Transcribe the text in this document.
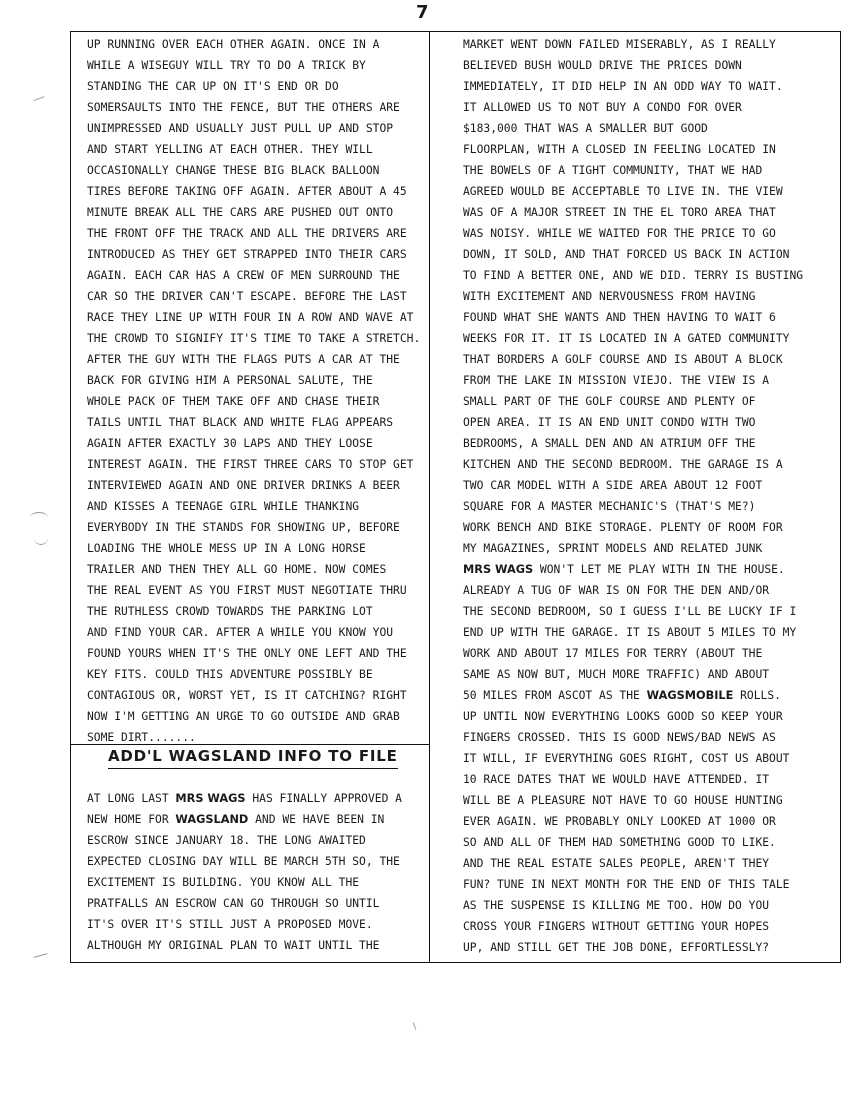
7
UP RUNNING OVER EACH OTHER AGAIN. ONCE IN A
WHILE A WISEGUY WILL TRY TO DO A TRICK BY
STANDING THE CAR UP ON IT'S END OR DO
SOMERSAULTS INTO THE FENCE, BUT THE OTHERS ARE
UNIMPRESSED AND USUALLY JUST PULL UP AND STOP
AND START YELLING AT EACH OTHER. THEY WILL
OCCASIONALLY CHANGE THESE BIG BLACK BALLOON
TIRES BEFORE TAKING OFF AGAIN. AFTER ABOUT A 45
MINUTE BREAK ALL THE CARS ARE PUSHED OUT ONTO
THE FRONT OFF THE TRACK AND ALL THE DRIVERS ARE
INTRODUCED AS THEY GET STRAPPED INTO THEIR CARS
AGAIN. EACH CAR HAS A CREW OF MEN SURROUND THE
CAR SO THE DRIVER CAN'T ESCAPE. BEFORE THE LAST
RACE THEY LINE UP WITH FOUR IN A ROW AND WAVE AT
THE CROWD TO SIGNIFY IT'S TIME TO TAKE A STRETCH.
AFTER THE GUY WITH THE FLAGS PUTS A CAR AT THE
BACK FOR GIVING HIM A PERSONAL SALUTE, THE
WHOLE PACK OF THEM TAKE OFF AND CHASE THEIR
TAILS UNTIL THAT BLACK AND WHITE FLAG APPEARS
AGAIN AFTER EXACTLY 30 LAPS AND THEY LOOSE
INTEREST AGAIN. THE FIRST THREE CARS TO STOP GET
INTERVIEWED AGAIN AND ONE DRIVER DRINKS A BEER
AND KISSES A TEENAGE GIRL WHILE THANKING
EVERYBODY IN THE STANDS FOR SHOWING UP, BEFORE
LOADING THE WHOLE MESS UP IN A LONG HORSE
TRAILER AND THEN THEY ALL GO HOME. NOW COMES
THE REAL EVENT AS YOU FIRST MUST NEGOTIATE THRU
THE RUTHLESS CROWD TOWARDS THE PARKING LOT
AND FIND YOUR CAR. AFTER A WHILE YOU KNOW YOU
FOUND YOURS WHEN IT'S THE ONLY ONE LEFT AND THE
KEY FITS. COULD THIS ADVENTURE POSSIBLY BE
CONTAGIOUS OR, WORST YET, IS IT CATCHING? RIGHT
NOW I'M GETTING AN URGE TO GO OUTSIDE AND GRAB
SOME DIRT.......
ADD'L WAGSLAND INFO TO FILE
AT LONG LAST MRS WAGS HAS FINALLY APPROVED A
NEW HOME FOR WAGSLAND AND WE HAVE BEEN IN
ESCROW SINCE JANUARY 18. THE LONG AWAITED
EXPECTED CLOSING DAY WILL BE MARCH 5TH SO, THE
EXCITEMENT IS BUILDING. YOU KNOW ALL THE
PRATFALLS AN ESCROW CAN GO THROUGH SO UNTIL
IT'S OVER IT'S STILL JUST A PROPOSED MOVE.
ALTHOUGH MY ORIGINAL PLAN TO WAIT UNTIL THE
MARKET WENT DOWN FAILED MISERABLY, AS I REALLY
BELIEVED BUSH WOULD DRIVE THE PRICES DOWN
IMMEDIATELY, IT DID HELP IN AN ODD WAY TO WAIT.
IT ALLOWED US TO NOT BUY A CONDO FOR OVER
$183,000 THAT WAS A SMALLER BUT GOOD
FLOORPLAN, WITH A CLOSED IN FEELING LOCATED IN
THE BOWELS OF A TIGHT COMMUNITY, THAT WE HAD
AGREED WOULD BE ACCEPTABLE TO LIVE IN. THE VIEW
WAS OF A MAJOR STREET IN THE EL TORO AREA THAT
WAS NOISY. WHILE WE WAITED FOR THE PRICE TO GO
DOWN, IT SOLD, AND THAT FORCED US BACK IN ACTION
TO FIND A BETTER ONE, AND WE DID. TERRY IS BUSTING
WITH EXCITEMENT AND NERVOUSNESS FROM HAVING
FOUND WHAT SHE WANTS AND THEN HAVING TO WAIT 6
WEEKS FOR IT. IT IS LOCATED IN A GATED COMMUNITY
THAT BORDERS A GOLF COURSE AND IS ABOUT A BLOCK
FROM THE LAKE IN MISSION VIEJO. THE VIEW IS A
SMALL PART OF THE GOLF COURSE AND PLENTY OF
OPEN AREA. IT IS AN END UNIT CONDO WITH TWO
BEDROOMS, A SMALL DEN AND AN ATRIUM OFF THE
KITCHEN AND THE SECOND BEDROOM. THE GARAGE IS A
TWO CAR MODEL WITH A SIDE AREA ABOUT 12 FOOT
SQUARE FOR A MASTER MECHANIC'S (THAT'S ME?)
WORK BENCH AND BIKE STORAGE. PLENTY OF ROOM FOR
MY MAGAZINES, SPRINT MODELS AND RELATED JUNK
MRS WAGS WON'T LET ME PLAY WITH IN THE HOUSE.
ALREADY A TUG OF WAR IS ON FOR THE DEN AND/OR
THE SECOND BEDROOM, SO I GUESS I'LL BE LUCKY IF I
END UP WITH THE GARAGE. IT IS ABOUT 5 MILES TO MY
WORK AND ABOUT 17 MILES FOR TERRY (ABOUT THE
SAME AS NOW BUT, MUCH MORE TRAFFIC) AND ABOUT
50 MILES FROM ASCOT AS THE WAGSMOBILE ROLLS.
UP UNTIL NOW EVERYTHING LOOKS GOOD SO KEEP YOUR
FINGERS CROSSED. THIS IS GOOD NEWS/BAD NEWS AS
IT WILL, IF EVERYTHING GOES RIGHT, COST US ABOUT
10 RACE DATES THAT WE WOULD HAVE ATTENDED. IT
WILL BE A PLEASURE NOT HAVE TO GO HOUSE HUNTING
EVER AGAIN. WE PROBABLY ONLY LOOKED AT 1000 OR
SO AND ALL OF THEM HAD SOMETHING GOOD TO LIKE.
AND THE REAL ESTATE SALES PEOPLE, AREN'T THEY
FUN? TUNE IN NEXT MONTH FOR THE END OF THIS TALE
AS THE SUSPENSE IS KILLING ME TOO. HOW DO YOU
CROSS YOUR FINGERS WITHOUT GETTING YOUR HOPES
UP, AND STILL GET THE JOB DONE, EFFORTLESSLY?
